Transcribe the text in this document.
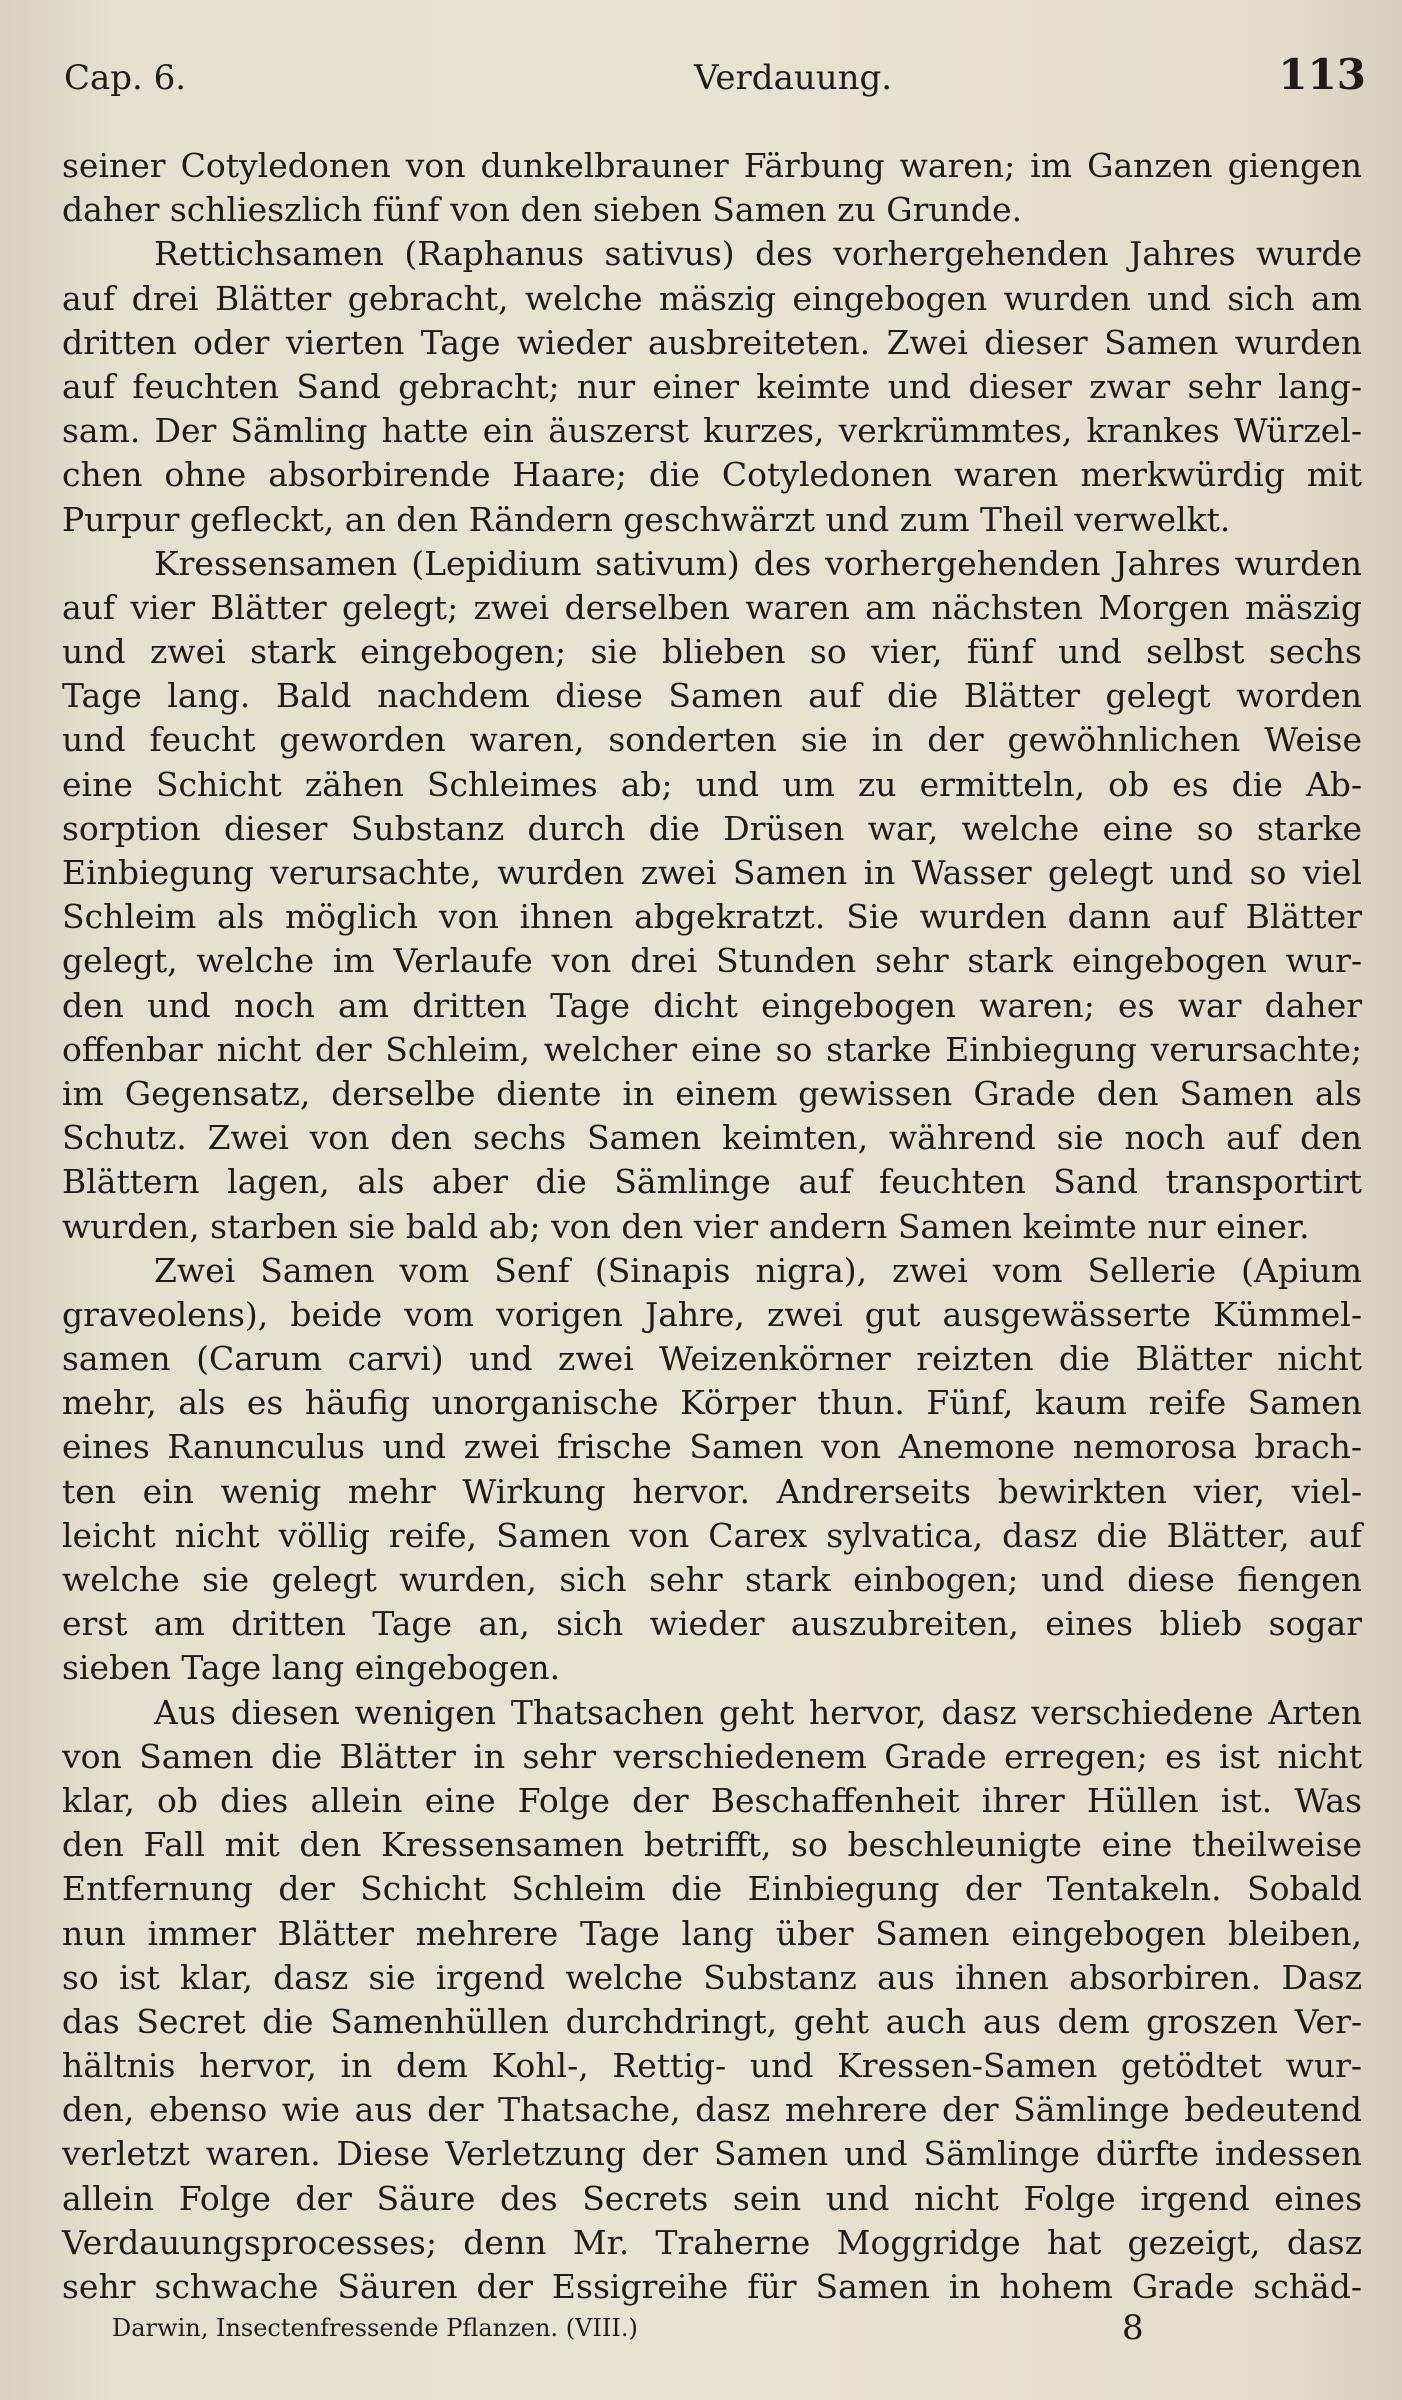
Cap. 6.	Verdauung.	113
seiner Cotyledonen von dunkelbrauner Färbung waren; im Ganzen giengen
daher schlieszlich fünf von den sieben Samen zu Grunde.
Rettichsamen (Raphanus sativus) des vorhergehenden Jahres wurde
auf drei Blätter gebracht, welche mäszig eingebogen wurden und sich am
dritten oder vierten Tage wieder ausbreiteten. Zwei dieser Samen wurden
auf feuchten Sand gebracht; nur einer keimte und dieser zwar sehr lang-
sam. Der Sämling hatte ein äuszerst kurzes, verkrümmtes, krankes Würzel-
chen ohne absorbirende Haare; die Cotyledonen waren merkwürdig mit
Purpur gefleckt, an den Rändern geschwärzt und zum Theil verwelkt.
Kressensamen (Lepidium sativum) des vorhergehenden Jahres wurden
auf vier Blätter gelegt; zwei derselben waren am nächsten Morgen mäszig
und zwei stark eingebogen; sie blieben so vier, fünf und selbst sechs
Tage lang. Bald nachdem diese Samen auf die Blätter gelegt worden
und feucht geworden waren, sonderten sie in der gewöhnlichen Weise
eine Schicht zähen Schleimes ab; und um zu ermitteln, ob es die Ab-
sorption dieser Substanz durch die Drüsen war, welche eine so starke
Einbiegung verursachte, wurden zwei Samen in Wasser gelegt und so viel
Schleim als möglich von ihnen abgekratzt. Sie wurden dann auf Blätter
gelegt, welche im Verlaufe von drei Stunden sehr stark eingebogen wur-
den und noch am dritten Tage dicht eingebogen waren; es war daher
offenbar nicht der Schleim, welcher eine so starke Einbiegung verursachte;
im Gegensatz, derselbe diente in einem gewissen Grade den Samen als
Schutz. Zwei von den sechs Samen keimten, während sie noch auf den
Blättern lagen, als aber die Sämlinge auf feuchten Sand transportirt
wurden, starben sie bald ab; von den vier andern Samen keimte nur einer.
Zwei Samen vom Senf (Sinapis nigra), zwei vom Sellerie (Apium
graveolens), beide vom vorigen Jahre, zwei gut ausgewässerte Kümmel-
samen (Carum carvi) und zwei Weizenkörner reizten die Blätter nicht
mehr, als es häufig unorganische Körper thun. Fünf, kaum reife Samen
eines Ranunculus und zwei frische Samen von Anemone nemorosa brach-
ten ein wenig mehr Wirkung hervor. Andrerseits bewirkten vier, viel-
leicht nicht völlig reife, Samen von Carex sylvatica, dasz die Blätter, auf
welche sie gelegt wurden, sich sehr stark einbogen; und diese fiengen
erst am dritten Tage an, sich wieder auszubreiten, eines blieb sogar
sieben Tage lang eingebogen.
Aus diesen wenigen Thatsachen geht hervor, dasz verschiedene Arten
von Samen die Blätter in sehr verschiedenem Grade erregen; es ist nicht
klar, ob dies allein eine Folge der Beschaffenheit ihrer Hüllen ist. Was
den Fall mit den Kressensamen betrifft, so beschleunigte eine theilweise
Entfernung der Schicht Schleim die Einbiegung der Tentakeln. Sobald
nun immer Blätter mehrere Tage lang über Samen eingebogen bleiben,
so ist klar, dasz sie irgend welche Substanz aus ihnen absorbiren. Dasz
das Secret die Samenhüllen durchdringt, geht auch aus dem groszen Ver-
hältnis hervor, in dem Kohl-, Rettig- und Kressen-Samen getödtet wur-
den, ebenso wie aus der Thatsache, dasz mehrere der Sämlinge bedeutend
verletzt waren. Diese Verletzung der Samen und Sämlinge dürfte indessen
allein Folge der Säure des Secrets sein und nicht Folge irgend eines
Verdauungsprocesses; denn Mr. Traherne Moggridge hat gezeigt, dasz
sehr schwache Säuren der Essigreihe für Samen in hohem Grade schäd-
Darwin, Insectenfressende Pflanzen. (VIII.)	8
